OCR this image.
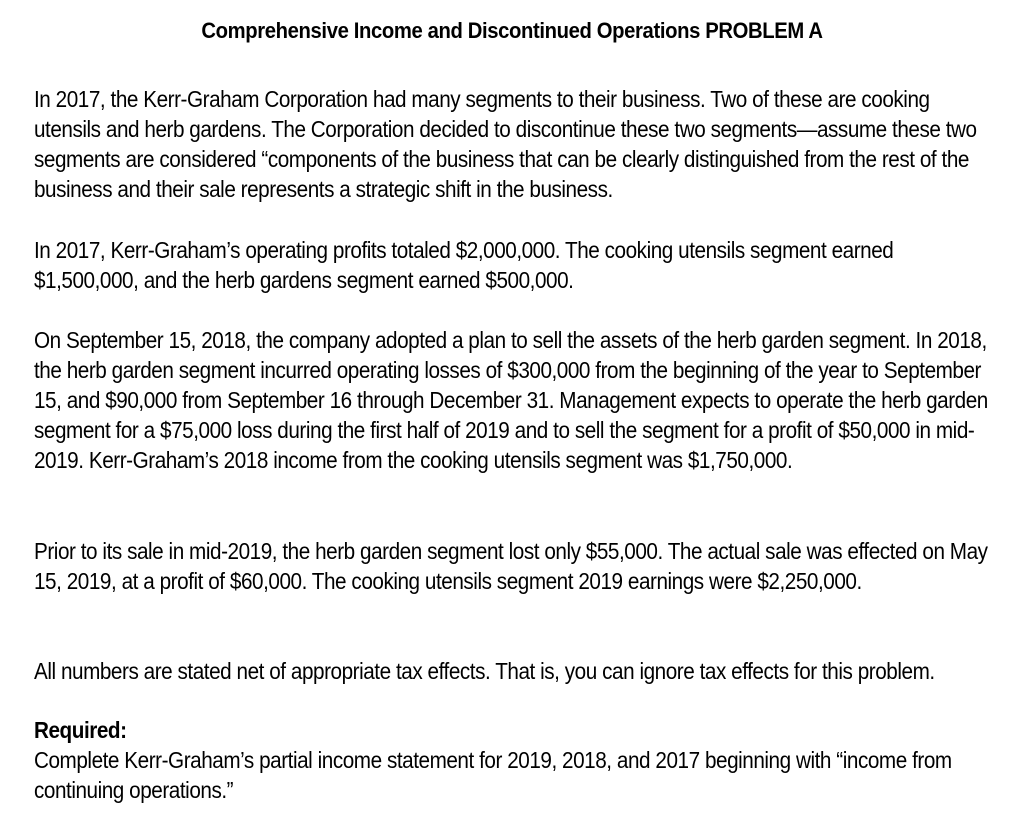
Comprehensive Income and Discontinued Operations PROBLEM A
In 2017, the Kerr-Graham Corporation had many segments to their business. Two of these are cooking utensils and herb gardens. The Corporation decided to discontinue these two segments—assume these two segments are considered “components of the business that can be clearly distinguished from the rest of the business and their sale represents a strategic shift in the business.
In 2017, Kerr-Graham’s operating profits totaled $2,000,000. The cooking utensils segment earned $1,500,000, and the herb gardens segment earned $500,000.
On September 15, 2018, the company adopted a plan to sell the assets of the herb garden segment. In 2018, the herb garden segment incurred operating losses of $300,000 from the beginning of the year to September 15, and $90,000 from September 16 through December 31. Management expects to operate the herb garden segment for a $75,000 loss during the first half of 2019 and to sell the segment for a profit of $50,000 in mid-2019. Kerr-Graham’s 2018 income from the cooking utensils segment was $1,750,000.
Prior to its sale in mid-2019, the herb garden segment lost only $55,000. The actual sale was effected on May 15, 2019, at a profit of $60,000. The cooking utensils segment 2019 earnings were $2,250,000.
All numbers are stated net of appropriate tax effects. That is, you can ignore tax effects for this problem.
Required:
Complete Kerr-Graham’s partial income statement for 2019, 2018, and 2017 beginning with “income from continuing operations.”
